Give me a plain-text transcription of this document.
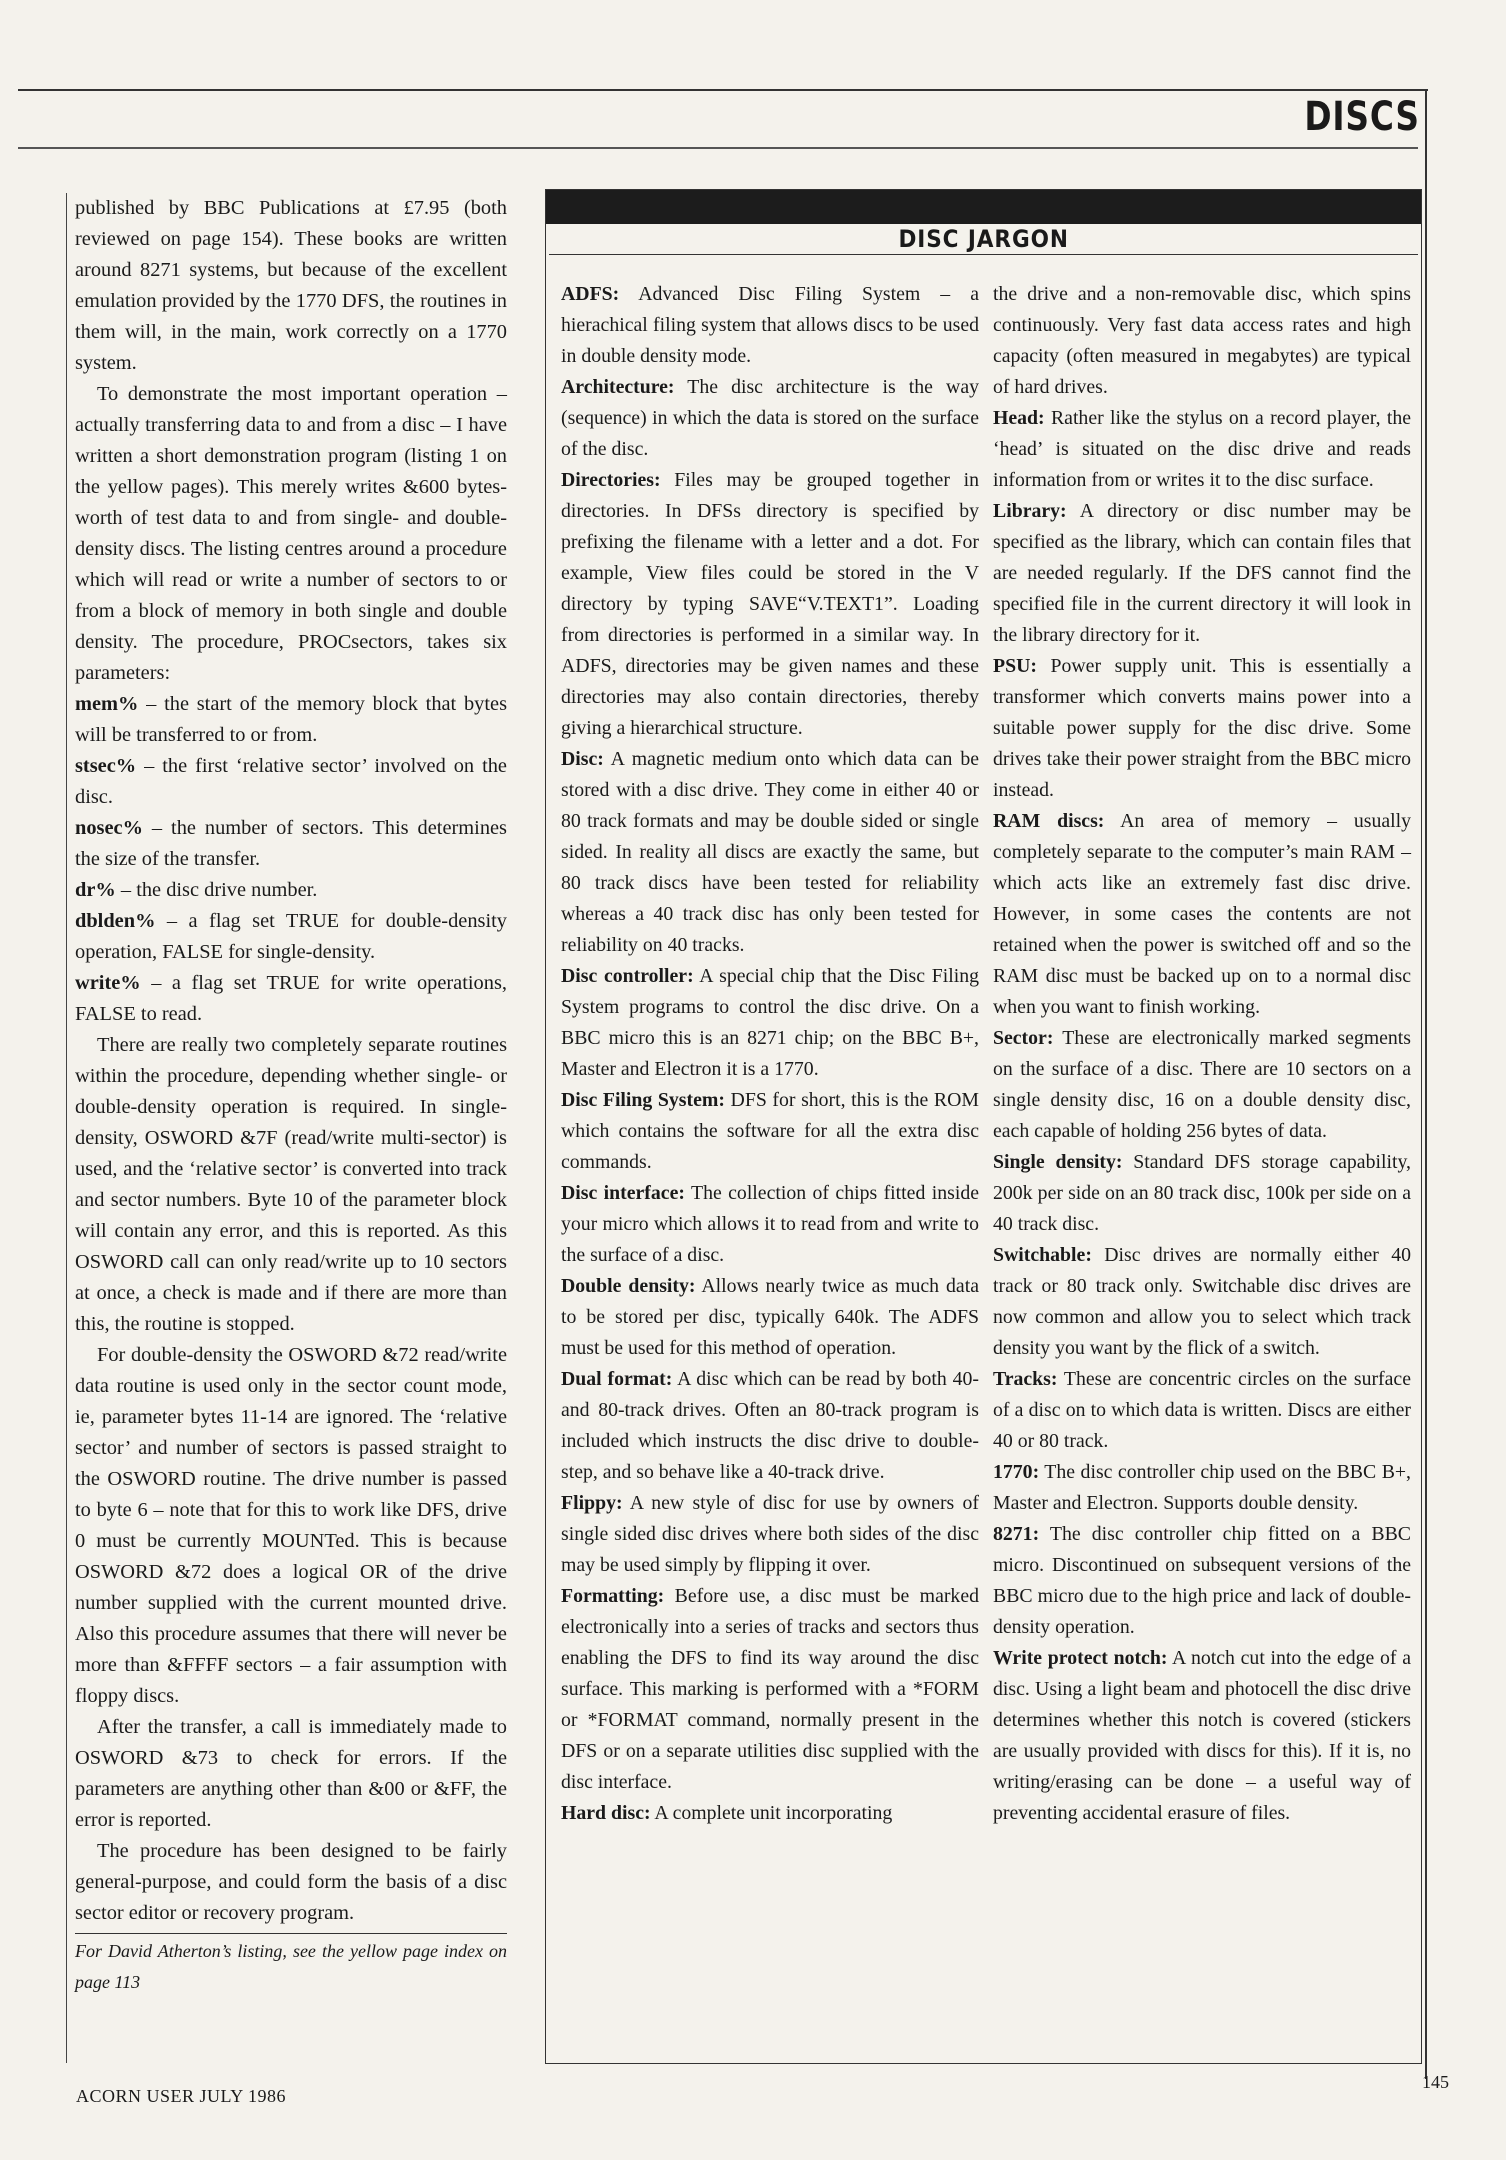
DISCS

published by BBC Publications at £7.95 (both reviewed on page 154). These books are written around 8271 systems, but because of the excellent emulation provided by the 1770 DFS, the routines in them will, in the main, work correctly on a 1770 system.

To demonstrate the most important operation – actually transferring data to and from a disc – I have written a short demonstration program (listing 1 on the yellow pages). This merely writes &600 bytes-worth of test data to and from single- and double-density discs. The listing centres around a procedure which will read or write a number of sectors to or from a block of memory in both single and double density. The procedure, PROCsectors, takes six parameters:

mem% – the start of the memory block that bytes will be transferred to or from.

stsec% – the first ‘relative sector’ involved on the disc.

nosec% – the number of sectors. This determines the size of the transfer.

dr% – the disc drive number.

dblden% – a flag set TRUE for double-density operation, FALSE for single-density.

write% – a flag set TRUE for write operations, FALSE to read.

There are really two completely separate routines within the procedure, depending whether single- or double-density operation is required. In single-density, OSWORD &7F (read/write multi-sector) is used, and the ‘relative sector’ is converted into track and sector numbers. Byte 10 of the parameter block will contain any error, and this is reported. As this OSWORD call can only read/write up to 10 sectors at once, a check is made and if there are more than this, the routine is stopped.

For double-density the OSWORD &72 read/write data routine is used only in the sector count mode, ie, parameter bytes 11-14 are ignored. The ‘relative sector’ and number of sectors is passed straight to the OSWORD routine. The drive number is passed to byte 6 – note that for this to work like DFS, drive 0 must be currently MOUNTed. This is because OSWORD &72 does a logical OR of the drive number supplied with the current mounted drive. Also this procedure assumes that there will never be more than &FFFF sectors – a fair assumption with floppy discs.

After the transfer, a call is immediately made to OSWORD &73 to check for errors. If the parameters are anything other than &00 or &FF, the error is reported.

The procedure has been designed to be fairly general-purpose, and could form the basis of a disc sector editor or recovery program.

For David Atherton’s listing, see the yellow page index on page 113
DISC JARGON

ADFS: Advanced Disc Filing System – a hierachical filing system that allows discs to be used in double density mode.

Architecture: The disc architecture is the way (sequence) in which the data is stored on the surface of the disc.

Directories: Files may be grouped together in directories. In DFSs directory is specified by prefixing the filename with a letter and a dot. For example, View files could be stored in the V directory by typing SAVE“V.TEXT1”. Loading from directories is performed in a similar way. In ADFS, directories may be given names and these directories may also contain directories, thereby giving a hierarchical structure.

Disc: A magnetic medium onto which data can be stored with a disc drive. They come in either 40 or 80 track formats and may be double sided or single sided. In reality all discs are exactly the same, but 80 track discs have been tested for reliability whereas a 40 track disc has only been tested for reliability on 40 tracks.

Disc controller: A special chip that the Disc Filing System programs to control the disc drive. On a BBC micro this is an 8271 chip; on the BBC B+, Master and Electron it is a 1770.

Disc Filing System: DFS for short, this is the ROM which contains the software for all the extra disc commands.

Disc interface: The collection of chips fitted inside your micro which allows it to read from and write to the surface of a disc.

Double density: Allows nearly twice as much data to be stored per disc, typically 640k. The ADFS must be used for this method of operation.

Dual format: A disc which can be read by both 40- and 80-track drives. Often an 80-track program is included which instructs the disc drive to double-step, and so behave like a 40-track drive.

Flippy: A new style of disc for use by owners of single sided disc drives where both sides of the disc may be used simply by flipping it over.

Formatting: Before use, a disc must be marked electronically into a series of tracks and sectors thus enabling the DFS to find its way around the disc surface. This marking is performed with a *FORM or *FORMAT command, normally present in the DFS or on a separate utilities disc supplied with the disc interface.

Hard disc: A complete unit incorporating

the drive and a non-removable disc, which spins continuously. Very fast data access rates and high capacity (often measured in megabytes) are typical of hard drives.

Head: Rather like the stylus on a record player, the ‘head’ is situated on the disc drive and reads information from or writes it to the disc surface.

Library: A directory or disc number may be specified as the library, which can contain files that are needed regularly. If the DFS cannot find the specified file in the current directory it will look in the library directory for it.

PSU: Power supply unit. This is essentially a transformer which converts mains power into a suitable power supply for the disc drive. Some drives take their power straight from the BBC micro instead.

RAM discs: An area of memory – usually completely separate to the computer’s main RAM – which acts like an extremely fast disc drive. However, in some cases the contents are not retained when the power is switched off and so the RAM disc must be backed up on to a normal disc when you want to finish working.

Sector: These are electronically marked segments on the surface of a disc. There are 10 sectors on a single density disc, 16 on a double density disc, each capable of holding 256 bytes of data.

Single density: Standard DFS storage capability, 200k per side on an 80 track disc, 100k per side on a 40 track disc.

Switchable: Disc drives are normally either 40 track or 80 track only. Switchable disc drives are now common and allow you to select which track density you want by the flick of a switch.

Tracks: These are concentric circles on the surface of a disc on to which data is written. Discs are either 40 or 80 track.

1770: The disc controller chip used on the BBC B+, Master and Electron. Supports double density.

8271: The disc controller chip fitted on a BBC micro. Discontinued on subsequent versions of the BBC micro due to the high price and lack of double-density operation.

Write protect notch: A notch cut into the edge of a disc. Using a light beam and photocell the disc drive determines whether this notch is covered (stickers are usually provided with discs for this). If it is, no writing/erasing can be done – a useful way of preventing accidental erasure of files.

ACORN USER JULY 1986
145
